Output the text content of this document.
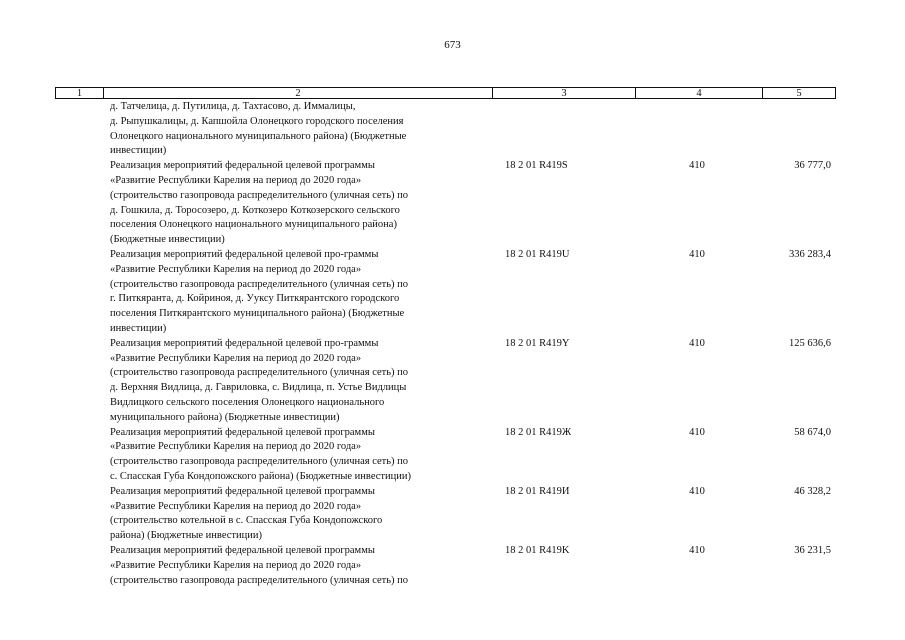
673
1	2	3	4	5
д. Татчелица, д. Путилица, д. Тахтасово, д. Иммалицы,
д. Рыпушкалицы, д. Капшойла Олонецкого городского поселения
Олонецкого национального муниципального района) (Бюджетные
инвестиции)
Реализация мероприятий федеральной целевой программы
«Развитие Республики Карелия на период до 2020 года»
(строительство газопровода распределительного (уличная сеть) по
д. Гошкила, д. Торосозеро, д. Коткозеро Коткозерского сельского
поселения Олонецкого национального муниципального района)
(Бюджетные инвестиции)
18 2 01 R419S	410	36 777,0
Реализация мероприятий федеральной целевой про-граммы
«Развитие Республики Карелия на период до 2020 года»
(строительство газопровода распределительного (уличная сеть) по
г. Питкяранта, д. Койриноя, д. Ууксу Питкярантского городского
поселения Питкярантского муниципального района) (Бюджетные
инвестиции)
18 2 01 R419U	410	336 283,4
Реализация мероприятий федеральной целевой про-граммы
«Развитие Республики Карелия на период до 2020 года»
(строительство газопровода распределительного (уличная сеть) по
д. Верхняя Видлица, д. Гавриловка, с. Видлица, п. Устье Видлицы
Видлицкого сельского поселения Олонецкого национального
муниципального района) (Бюджетные инвестиции)
18 2 01 R419Y	410	125 636,6
Реализация мероприятий федеральной целевой программы
«Развитие Республики Карелия на период до 2020 года»
(строительство газопровода распределительного (уличная сеть) по
с. Спасская Губа Кондопожского района) (Бюджетные инвестиции)
18 2 01 R419Ж	410	58 674,0
Реализация мероприятий федеральной целевой программы
«Развитие Республики Карелия на период до 2020 года»
(строительство котельной в с. Спасская Губа Кондопожского
района) (Бюджетные инвестиции)
18 2 01 R419И	410	46 328,2
Реализация мероприятий федеральной целевой программы
«Развитие Республики Карелия на период до 2020 года»
(строительство газопровода распределительного (уличная сеть) по
18 2 01 R419K	410	36 231,5
